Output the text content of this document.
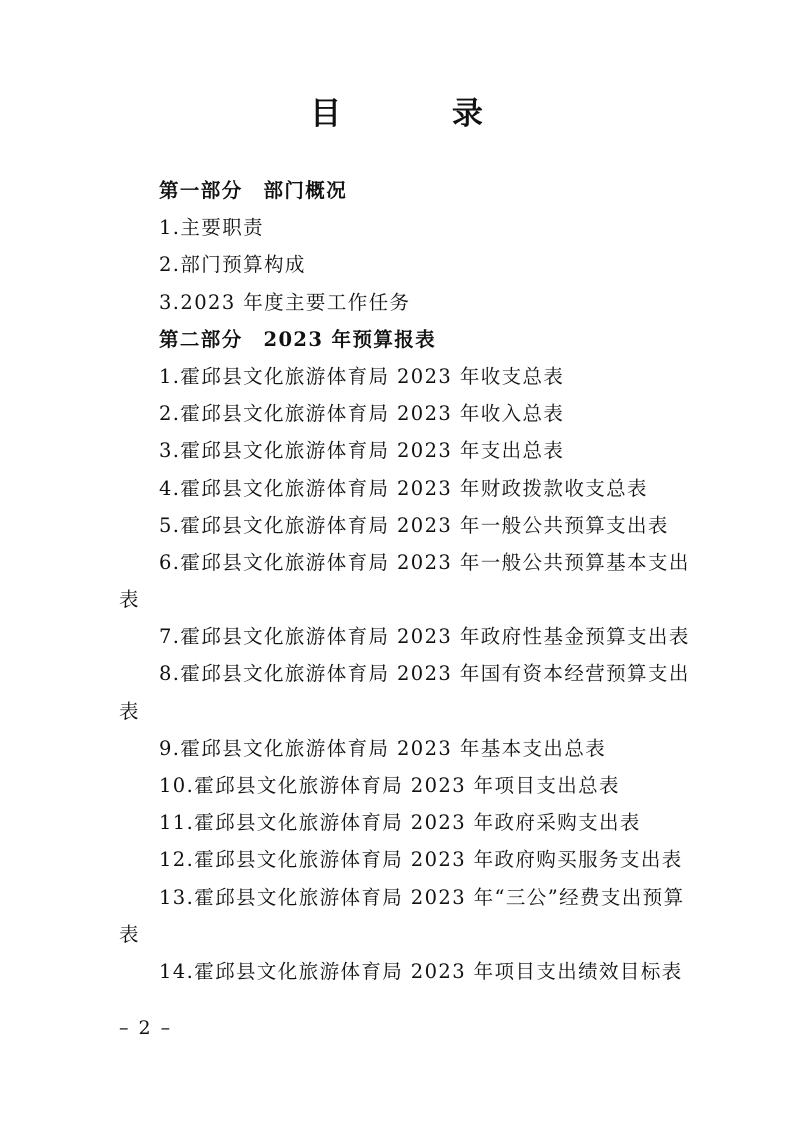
目 录
第一部分　部门概况
1.主要职责
2.部门预算构成
3.2023 年度主要工作任务
第二部分　2023 年预算报表
1.霍邱县文化旅游体育局 2023 年收支总表
2.霍邱县文化旅游体育局 2023 年收入总表
3.霍邱县文化旅游体育局 2023 年支出总表
4.霍邱县文化旅游体育局 2023 年财政拨款收支总表
5.霍邱县文化旅游体育局 2023 年一般公共预算支出表
6.霍邱县文化旅游体育局 2023 年一般公共预算基本支出
表
7.霍邱县文化旅游体育局 2023 年政府性基金预算支出表
8.霍邱县文化旅游体育局 2023 年国有资本经营预算支出
表
9.霍邱县文化旅游体育局 2023 年基本支出总表
10.霍邱县文化旅游体育局 2023 年项目支出总表
11.霍邱县文化旅游体育局 2023 年政府采购支出表
12.霍邱县文化旅游体育局 2023 年政府购买服务支出表
13.霍邱县文化旅游体育局 2023 年“三公”经费支出预算
表
14.霍邱县文化旅游体育局 2023 年项目支出绩效目标表
– 2 –
